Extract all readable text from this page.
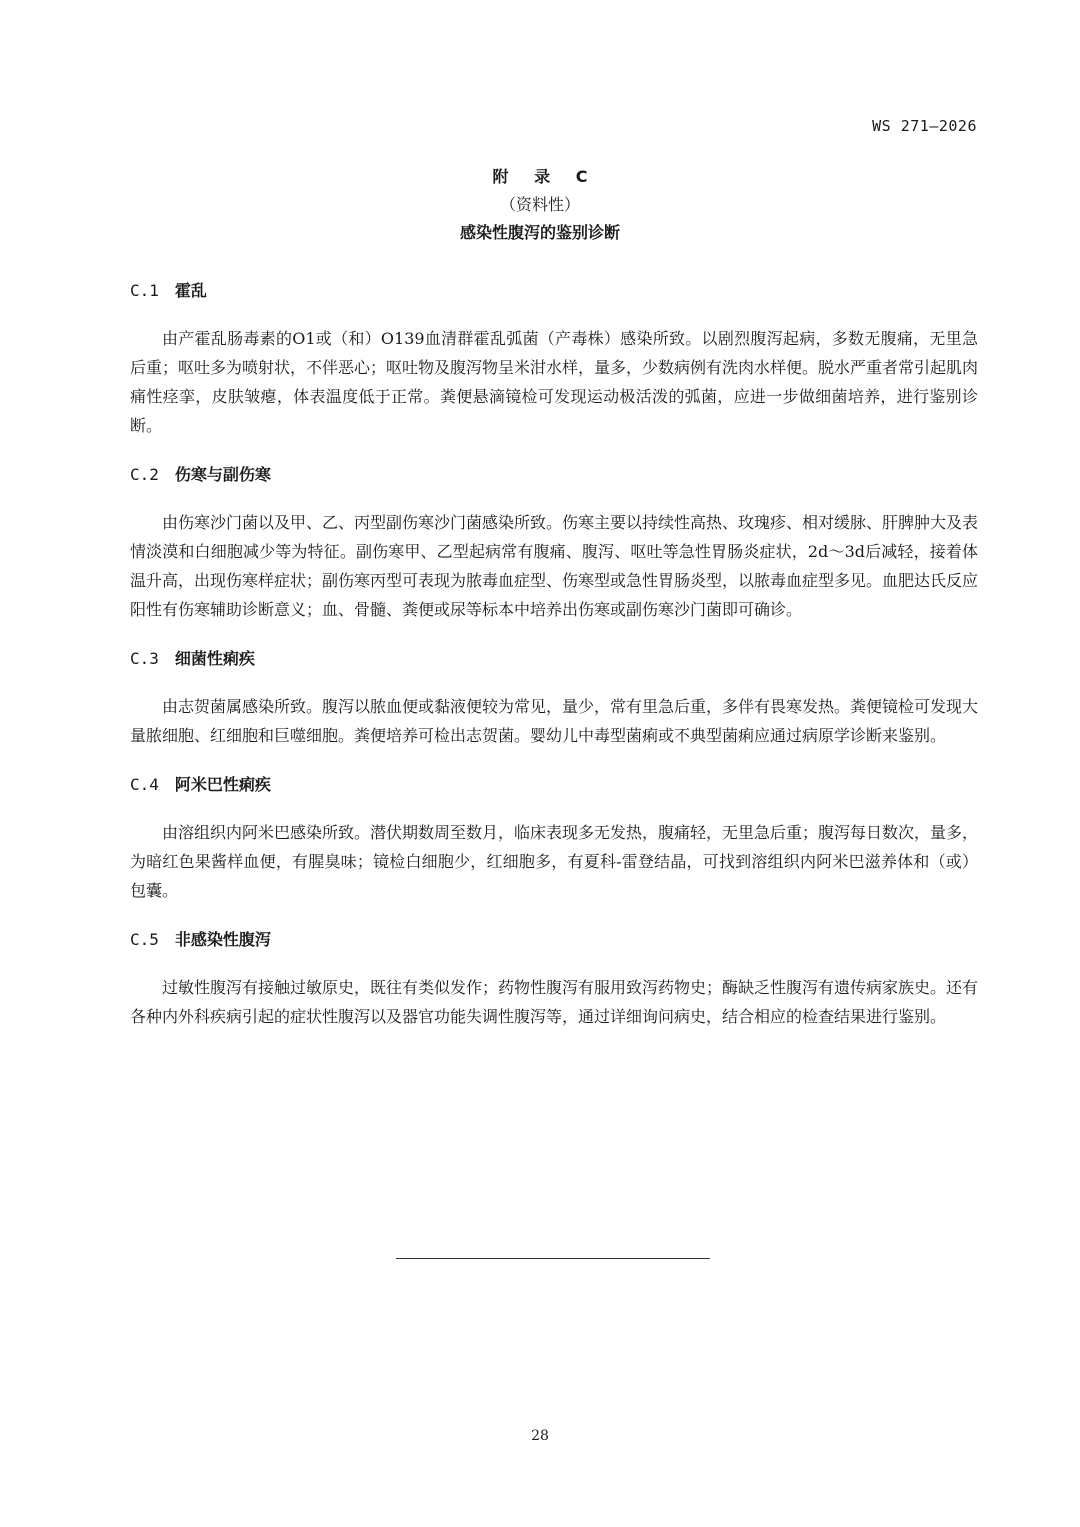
WS 271—2026
附 录 C
（资料性）
感染性腹泻的鉴别诊断
C.1 霍乱

由产霍乱肠毒素的O1或（和）O139血清群霍乱弧菌（产毒株）感染所致。以剧烈腹泻起病，多数无腹痛，无里急后重；呕吐多为喷射状，不伴恶心；呕吐物及腹泻物呈米泔水样，量多，少数病例有洗肉水样便。脱水严重者常引起肌肉痛性痉挛，皮肤皱瘪，体表温度低于正常。粪便悬滴镜检可发现运动极活泼的弧菌，应进一步做细菌培养，进行鉴别诊断。

C.2 伤寒与副伤寒

由伤寒沙门菌以及甲、乙、丙型副伤寒沙门菌感染所致。伤寒主要以持续性高热、玫瑰疹、相对缓脉、肝脾肿大及表情淡漠和白细胞减少等为特征。副伤寒甲、乙型起病常有腹痛、腹泻、呕吐等急性胃肠炎症状，2d～3d后减轻，接着体温升高，出现伤寒样症状；副伤寒丙型可表现为脓毒血症型、伤寒型或急性胃肠炎型，以脓毒血症型多见。血肥达氏反应阳性有伤寒辅助诊断意义；血、骨髓、粪便或尿等标本中培养出伤寒或副伤寒沙门菌即可确诊。

C.3 细菌性痢疾

由志贺菌属感染所致。腹泻以脓血便或黏液便较为常见，量少，常有里急后重，多伴有畏寒发热。粪便镜检可发现大量脓细胞、红细胞和巨噬细胞。粪便培养可检出志贺菌。婴幼儿中毒型菌痢或不典型菌痢应通过病原学诊断来鉴别。

C.4 阿米巴性痢疾

由溶组织内阿米巴感染所致。潜伏期数周至数月，临床表现多无发热，腹痛轻，无里急后重；腹泻每日数次，量多，为暗红色果酱样血便，有腥臭味；镜检白细胞少，红细胞多，有夏科-雷登结晶，可找到溶组织内阿米巴滋养体和（或）包囊。

C.5 非感染性腹泻

过敏性腹泻有接触过敏原史，既往有类似发作；药物性腹泻有服用致泻药物史；酶缺乏性腹泻有遗传病家族史。还有各种内外科疾病引起的症状性腹泻以及器官功能失调性腹泻等，通过详细询问病史，结合相应的检查结果进行鉴别。

28
